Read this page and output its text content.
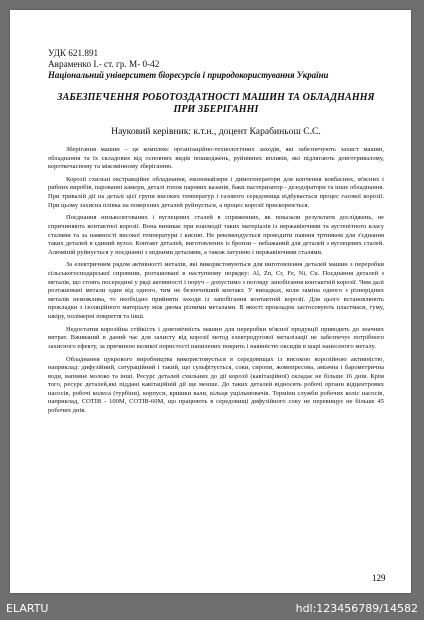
УДК 621.891

Авраменко І.- ст. гр. М- 0-42

Національний університет біоресурсів і природокористування України

ЗАБЕЗПЕЧЕННЯ РОБОТОЗДАТНОСТІ МАШИН ТА ОБЛАДНАННЯ ПРИ ЗБЕРІГАННІ

Науковий керівник: к.т.н., доцент Карабиньош С.С.

Зберігання машин – це комплекс організаційно-технологічних заходів, які забезпечують захист машин, обладнання та їх складових від основних видів пошкоджень, руйнівних впливів, які підлягають довготривалому, короткочасному та міжзмінному зберіганню.

Корозії схильні екстракційне обладнання, економайзери і димогенератори для копчення ковбасних, м'ясних і рибних виробів, парованні камери, деталі топок парових казанів, баки пастеризатор - дезодоратори та інше обладнання. При тривалій дії на деталі цієї групи високих температур і газового середовища відбувається процес газової корозії. При цьому захисна плівка на поверхнях деталей руйнується, а процес корозії прискорюється.

Поєднання низьколегованих і вуглецевих сталей в спряженнях, як показали результати досліджень, не спричиняють контактної корозії. Вона виникає при взаємодії таких матеріалів із нержавіючими та аустенітного класу сталями та за наявності високої температури і кисню. Не рекомендується проводити паяння тртником для з'єднання таких деталей в єдиний вузол. Контакт деталей, виготовлених із бронзи – небажаний для деталей з вуглецевих сталей. Алюміній руйнується у поєднанні з мідними деталями, а також латунню і нержавіючими сталями.

За електричним рядом активності металів, які використовуються для виготовлення деталей машин з переробки сільськогосподарської сировини, розташовані в наступному порядку: Al, Zn, Cr, Fe, Ni, Cu. Поєднання деталей з металів, що стоять посередині у ряді активності і поруч – допустимо з погляду запобігання контактній корозії. Чим далі розташовані метали один від одного, тим не безпечніший контакт. У випадках, коли заміна одного з різнорідних металів неможлива, то необхідно прийняти заходи із запобігання контактній корозії. Для цього встановлюють прокладки з ізоляційного матеріалу між двома різними металами. В якості прокладок застосовують пластмаси, гуму, шкіру, полімерні покриття та інші.

Недостатня корозійна стійкість і довговічність машин для переробки м'ясної продукції приводить до значних витрат. Вживаний в даний час для захисту від корозії метод електродугової металізації не забезпечує потрібного захисного ефекту, за причиною великої пористості напилених покрить і наявністю оксидів в шарі нанесеного металу.

Обладнання цукрового виробництва використовується в середовищах із високою корозійною активністю, наприклад: дифузійний, сатураційний і такий, що сульфітується, соки, сиропи, жомопресова, аміачна і барометрична води, вапняне молоко та інші. Ресурс деталей схильних до дії корозії (кавітаційної) складає не більше 16 днів. Крім того, ресурс деталей,які піддані кавітаційній дії ще менше. До таких деталей відносять робочі органи відцентрових насосів, робочі колеса (турбіни), корпуси, кришки вали, кільця ущільнювачів. Терміни служби робочих коліс насосів, наприклад, СОТІВ - 100М, СОТІВ-60М, що працюють в середовищі дифузійного соку не перевищує не більше 45 робочих днів.

129
ELARTU	hdl:123456789/14582
